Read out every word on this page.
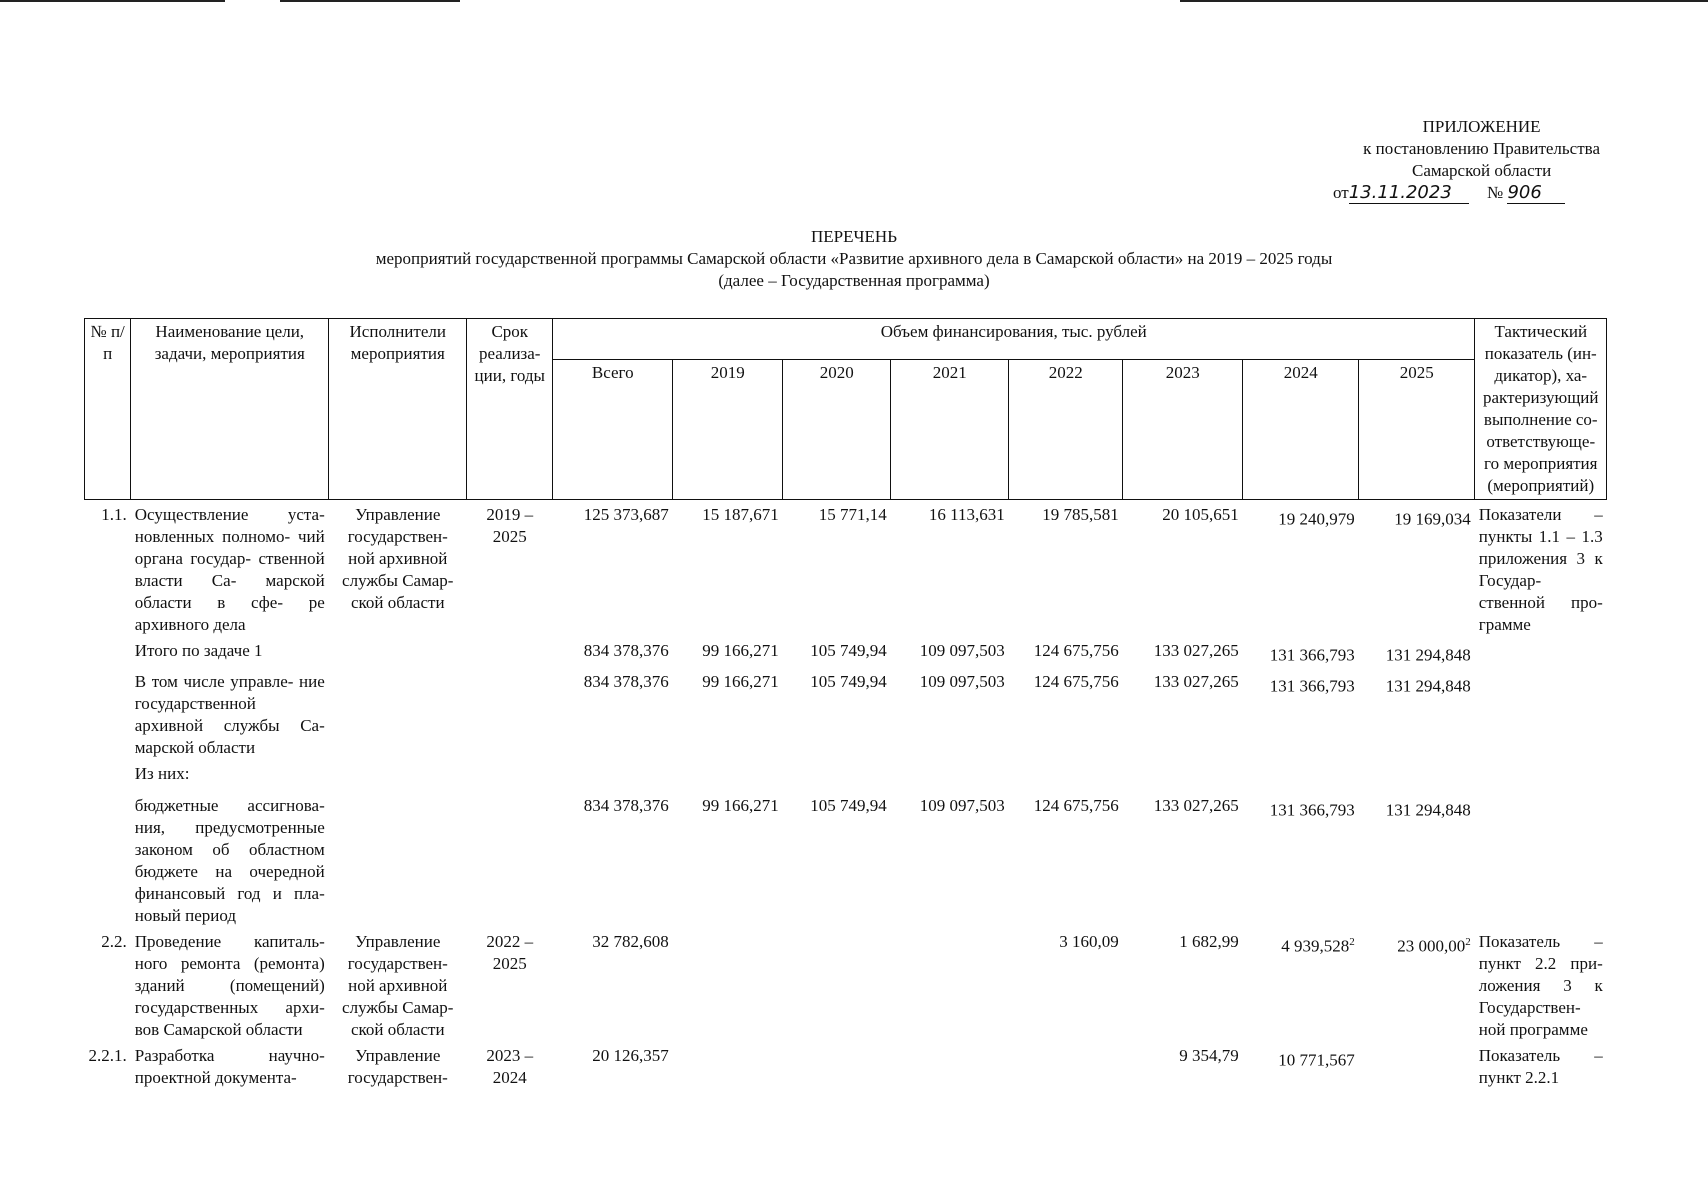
ПРИЛОЖЕНИЕ
к постановлению Правительства
Самарской области
от13.11.2023 № 906
ПЕРЕЧЕНЬ
мероприятий государственной программы Самарской области «Развитие архивного дела в Самарской области» на 2019 – 2025 годы
(далее – Государственная программа)
№ п/п	Наименование цели, задачи, мероприятия	Исполнители мероприятия	Срок реализа- ции, годы	Объем финансирования, тыс. рублей								Тактический показатель (ин- дикатор), ха- рактеризующий выполнение со- ответствующе- го мероприятия (мероприятий)
				Всего	2019	2020	2021	2022	2023	2024	2025	
1.1.	Осуществление уста- новленных полномо- чий органа государ- ственной власти Са- марской области в сфе- ре архивного дела	Управление государствен- ной архивной службы Самар- ской области	2019 – 2025	125 373,687	15 187,671	15 771,14	16 113,631	19 785,581	20 105,651	19 240,979	19 169,034	Показатели – пункты 1.1 – 1.3 приложения 3 к Государ- ственной про- грамме
	Итого по задаче 1			834 378,376	99 166,271	105 749,94	109 097,503	124 675,756	133 027,265	131 366,793	131 294,848	
	В том числе управле- ние государственной архивной службы Са- марской области			834 378,376	99 166,271	105 749,94	109 097,503	124 675,756	133 027,265	131 366,793	131 294,848	
	Из них:											
	бюджетные ассигнова- ния, предусмотренные законом об областном бюджете на очередной финансовый год и пла- новый период			834 378,376	99 166,271	105 749,94	109 097,503	124 675,756	133 027,265	131 366,793	131 294,848	
2.2.	Проведение капиталь- ного ремонта (ремонта) зданий (помещений) государственных архи- вов Самарской области	Управление государствен- ной архивной службы Самар- ской области	2022 – 2025	32 782,608				3 160,09	1 682,99	4 939,528$^2$	23 000,00$^2$	Показатель – пункт 2.2 при- ложения 3 к Государствен- ной программе
2.2.1.	Разработка научно- проектной документа-	Управление государствен-	2023 – 2024	20 126,357					9 354,79	10 771,567		Показатель – пункт 2.2.1
